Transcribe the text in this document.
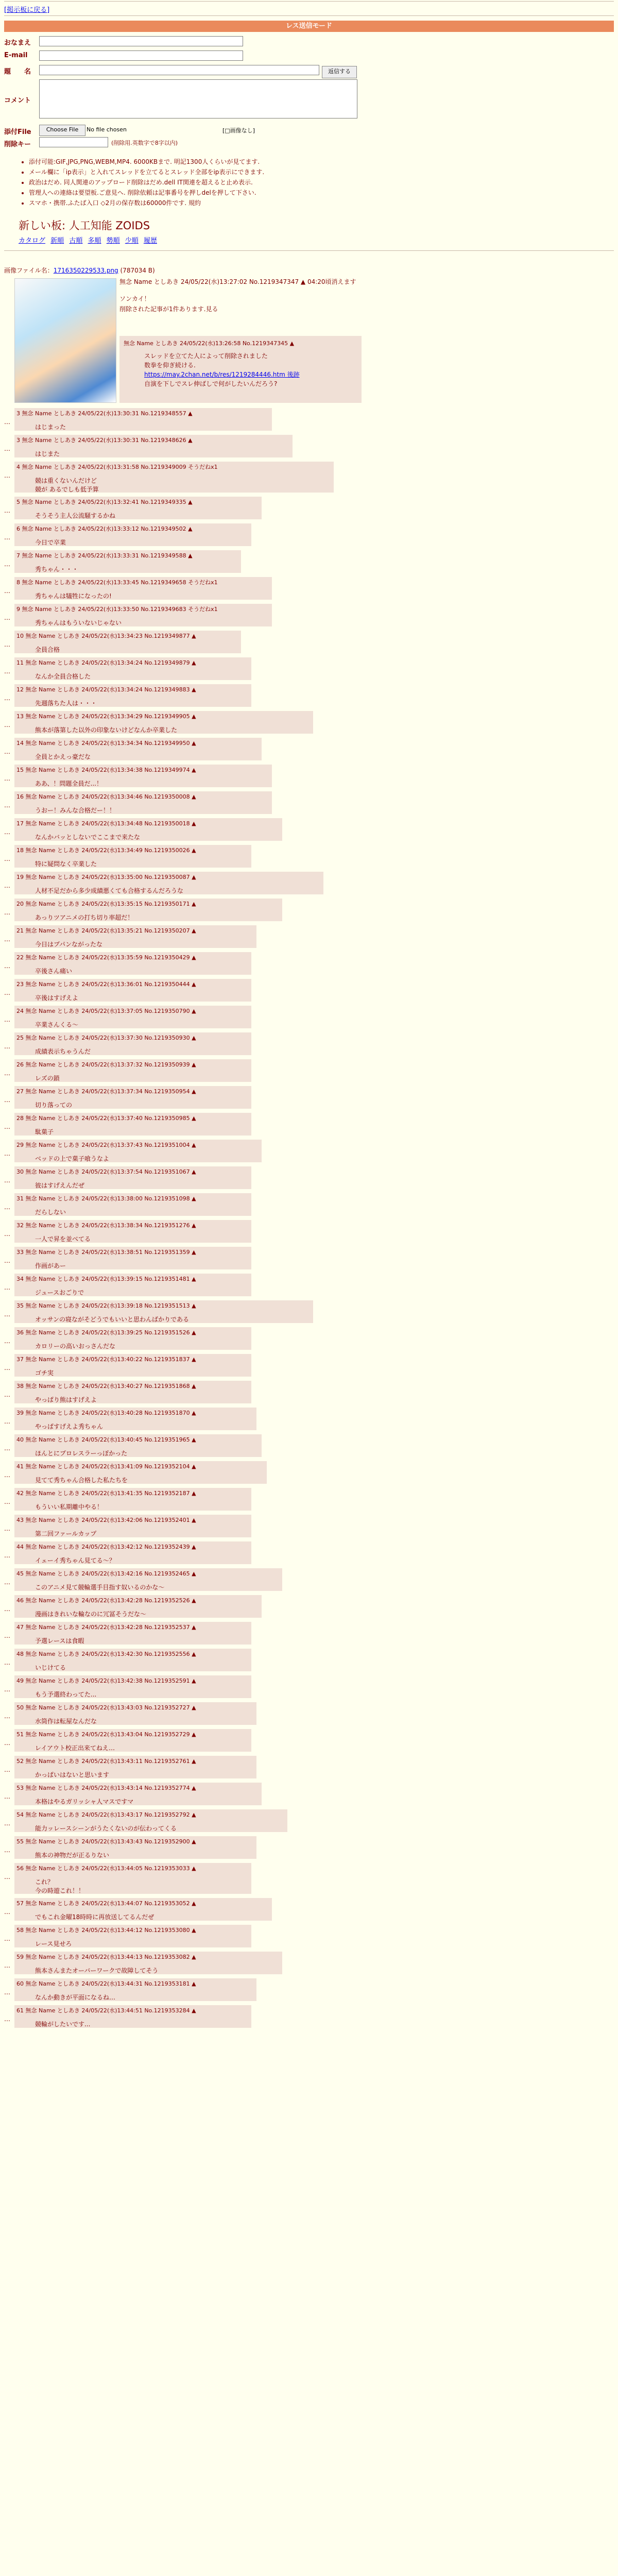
[掲示板に戻る]
レス送信モード
おなまえ
E-mail
題　　名	返信する
コメント
添付File	Choose File	No file chosen	[□画像なし]
削除キー	(削除用.英数字で8字以内)
• 添付可能:GIF,JPG,PNG,WEBM,MP4. 6000KBまで. 明記1300人くらいが見てます.
• メール欄に「ip表示」と入れてスレッドを立てるとスレッド全部をip表示にできます.
• 政治はだめ. 同人関連のアップロード削除はだめ.dell IT関連を超えると止め表示.
• 管理人への連絡は要望板.ご意見へ. 削除依頼は記事番号を押しdelを押して下さい.
• スマホ・携帯.ふたば入口 ◇2月の保存数は60000件です. 規約
新しい板: 人工知能 ZOIDS
カタログ 新順 古順 多順 勢順 少順 履歴
画像ファイル名：1716350229533.png (787034 B)
無念 Name としあき 24/05/22(水)13:27:02 No.1219347347 ▲ 04:20頃消えます
ソンカイ！
削除された記事が1件あります.見る
無念 Name としあき 24/05/22(水)13:26:58 No.1219347345 ▲
スレッドを立てた人によって削除されました
数拳を仰ぎ続ける.
https://may.2chan.net/b/res/1219284446.htm 後跡
自演を下しでスレ伸ばしで何がしたいんだろう?
…
3 無念 Name としあき 24/05/22(水)13:30:31 No.1219348557 ▲
はじまった
…
3 無念 Name としあき 24/05/22(水)13:30:31 No.1219348626 ▲
はじまた
…
4 無念 Name としあき 24/05/22(水)13:31:58 No.1219349009 そうだねx1
競は重くないんだけど
競が あるでしも低予算
…
5 無念 Name としあき 24/05/22(水)13:32:41 No.1219349335 ▲
そうそう主人公流騒するかね
…
6 無念 Name としあき 24/05/22(水)13:33:12 No.1219349502 ▲
今日で卒業
…
7 無念 Name としあき 24/05/22(水)13:33:31 No.1219349588 ▲
秀ちゃん・・・
…
8 無念 Name としあき 24/05/22(水)13:33:45 No.1219349658 そうだねx1
秀ちゃんは犠牲になったの!
…
9 無念 Name としあき 24/05/22(水)13:33:50 No.1219349683 そうだねx1
秀ちゃんはもういないじゃない
…
10 無念 Name としあき 24/05/22(水)13:34:23 No.1219349877 ▲
全員合格
…
11 無念 Name としあき 24/05/22(水)13:34:24 No.1219349879 ▲
なんか全員合格した
…
12 無念 Name としあき 24/05/22(水)13:34:24 No.1219349883 ▲
先週落ちた人は・・・
…
13 無念 Name としあき 24/05/22(水)13:34:29 No.1219349905 ▲
熊本が落第した以外の印象ないけどなんか卒業した
…
14 無念 Name としあき 24/05/22(水)13:34:34 No.1219349950 ▲
全員とかえっ豪だな
…
15 無念 Name としあき 24/05/22(水)13:34:38 No.1219349974 ▲
ああ、！問題全員だ...！
…
16 無念 Name としあき 24/05/22(水)13:34:46 No.1219350008 ▲
うおー！みんな合格だー！！
…
17 無念 Name としあき 24/05/22(水)13:34:48 No.1219350018 ▲
なんかバッとしないでここまで来たな
…
18 無念 Name としあき 24/05/22(水)13:34:49 No.1219350026 ▲
特に疑問なく卒業した
…
19 無念 Name としあき 24/05/22(水)13:35:00 No.1219350087 ▲
人材不足だから多少成績悪くても合格するんだろうな
…
20 無念 Name としあき 24/05/22(水)13:35:15 No.1219350171 ▲
あっりツアニメの打ち切り率超だ！
…
21 無念 Name としあき 24/05/22(水)13:35:21 No.1219350207 ▲
今日はプパンながったな
…
22 無念 Name としあき 24/05/22(水)13:35:59 No.1219350429 ▲
卒後さん痛い
…
23 無念 Name としあき 24/05/22(水)13:36:01 No.1219350444 ▲
卒後はすげえよ
…
24 無念 Name としあき 24/05/22(水)13:37:05 No.1219350790 ▲
卒業さんくる〜
…
25 無念 Name としあき 24/05/22(水)13:37:30 No.1219350930 ▲
成績表示ちゃうんだ
…
26 無念 Name としあき 24/05/22(水)13:37:32 No.1219350939 ▲
レズの鎖
…
27 無念 Name としあき 24/05/22(水)13:37:34 No.1219350954 ▲
切り落っての
…
28 無念 Name としあき 24/05/22(水)13:37:40 No.1219350985 ▲
駄菓子
…
29 無念 Name としあき 24/05/22(水)13:37:43 No.1219351004 ▲
ベッドの上で菓子喰うなよ
…
30 無念 Name としあき 24/05/22(水)13:37:54 No.1219351067 ▲
彼はすげえんだぜ
…
31 無念 Name としあき 24/05/22(水)13:38:00 No.1219351098 ▲
だらしない
…
32 無念 Name としあき 24/05/22(水)13:38:34 No.1219351276 ▲
一人で昇を並べてる
…
33 無念 Name としあき 24/05/22(水)13:38:51 No.1219351359 ▲
作画があー
…
34 無念 Name としあき 24/05/22(水)13:39:15 No.1219351481 ▲
ジュースおごりで
…
35 無念 Name としあき 24/05/22(水)13:39:18 No.1219351513 ▲
オッサンの寝ながそどうでもいいと思わんばかりである
…
36 無念 Name としあき 24/05/22(水)13:39:25 No.1219351526 ▲
カロリーの高いおっさんだな
…
37 無念 Name としあき 24/05/22(水)13:40:22 No.1219351837 ▲
ゴチ実
…
38 無念 Name としあき 24/05/22(水)13:40:27 No.1219351868 ▲
やっぱり熊はすげえよ
…
39 無念 Name としあき 24/05/22(水)13:40:28 No.1219351870 ▲
やっぱすげえよ秀ちゃん
…
40 無念 Name としあき 24/05/22(水)13:40:45 No.1219351965 ▲
ほんとにプロレスラーっぽかった
…
41 無念 Name としあき 24/05/22(水)13:41:09 No.1219352104 ▲
見てて秀ちゃん合格した私たちを
…
42 無念 Name としあき 24/05/22(水)13:41:35 No.1219352187 ▲
もういい私期離中やる！
…
43 無念 Name としあき 24/05/22(水)13:42:06 No.1219352401 ▲
第二回ファールカップ
…
44 無念 Name としあき 24/05/22(水)13:42:12 No.1219352439 ▲
イェーイ秀ちゃん見てる〜？
…
45 無念 Name としあき 24/05/22(水)13:42:16 No.1219352465 ▲
このアニメ見て競輪選手目指す奴いるのかな〜
…
46 無念 Name としあき 24/05/22(水)13:42:28 No.1219352526 ▲
漫画はきれいな輪なのに冗冨そうだな〜
…
47 無念 Name としあき 24/05/22(水)13:42:28 No.1219352537 ▲
予選レースは食暇
…
48 無念 Name としあき 24/05/22(水)13:42:30 No.1219352556 ▲
いじけてる
…
49 無念 Name としあき 24/05/22(水)13:42:38 No.1219352591 ▲
もう予選終わってた...
…
50 無念 Name としあき 24/05/22(水)13:43:03 No.1219352727 ▲
水筒作は転屋なんだな
…
51 無念 Name としあき 24/05/22(水)13:43:04 No.1219352729 ▲
レイアウト校正出来てねえ…
…
52 無念 Name としあき 24/05/22(水)13:43:11 No.1219352761 ▲
かっぱいはないと思います
…
53 無念 Name としあき 24/05/22(水)13:43:14 No.1219352774 ▲
本格はやるガリッシャ人マスですマ
…
54 無念 Name としあき 24/05/22(水)13:43:17 No.1219352792 ▲
能力ッレースシーンがうたくないのが伝わってくる
…
55 無念 Name としあき 24/05/22(水)13:43:43 No.1219352900 ▲
熊本の神物だが正るりない
…
56 無念 Name としあき 24/05/22(水)13:44:05 No.1219353033 ▲
これ？
今の時遊これ！！
…
57 無念 Name としあき 24/05/22(水)13:44:07 No.1219353052 ▲
でもこれ金曜18時時に再放送してるんだぜ
…
58 無念 Name としあき 24/05/22(水)13:44:12 No.1219353080 ▲
レース見せろ
…
59 無念 Name としあき 24/05/22(水)13:44:13 No.1219353082 ▲
熊本さんまたオーバーワークで故障してそう
…
60 無念 Name としあき 24/05/22(水)13:44:31 No.1219353181 ▲
なんか動きが平面になるね…
…
61 無念 Name としあき 24/05/22(水)13:44:51 No.1219353284 ▲
競輪がしたいです...
